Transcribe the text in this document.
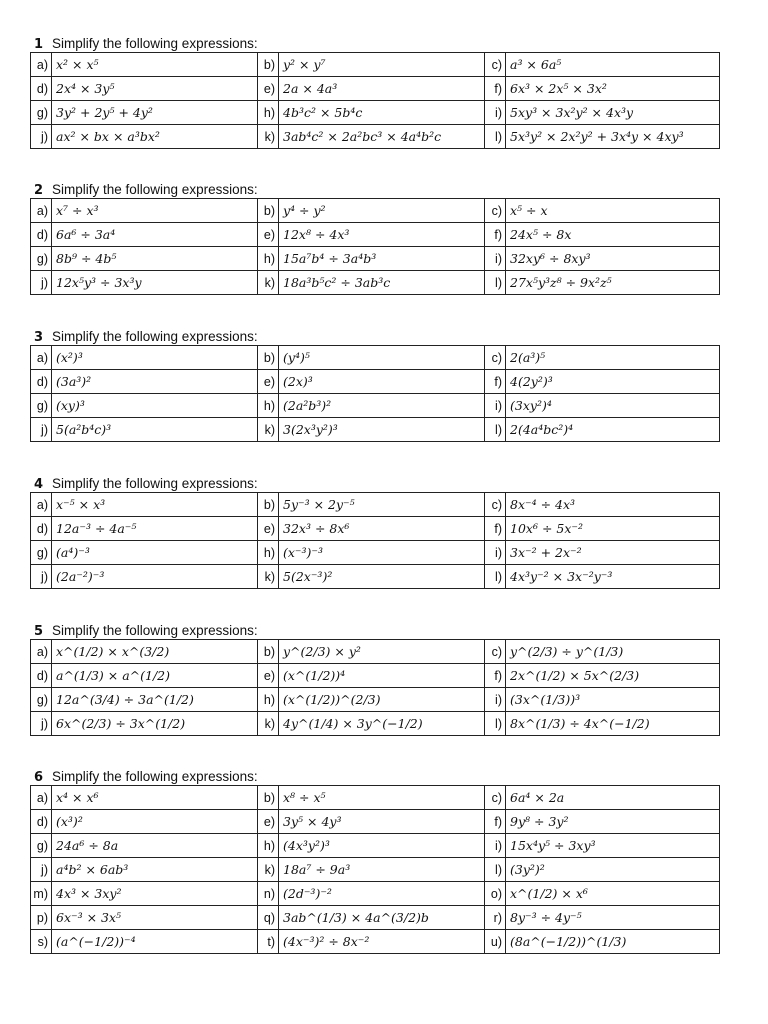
1 Simplify the following expressions:
a)	x² × x⁵	b)	y² × y⁷	c)	a³ × 6a⁵
d)	2x⁴ × 3y⁵	e)	2a × 4a³	f)	6x³ × 2x⁵ × 3x²
g)	3y² + 2y⁵ + 4y²	h)	4b³c² × 5b⁴c	i)	5xy³ × 3x²y² × 4x³y
j)	ax² × bx × a³bx²	k)	3ab⁴c² × 2a²bc³ × 4a⁴b²c	l)	5x³y² × 2x²y² + 3x⁴y × 4xy³
2 Simplify the following expressions:
a)	x⁷ ÷ x³	b)	y⁴ ÷ y²	c)	x⁵ ÷ x
d)	6a⁶ ÷ 3a⁴	e)	12x⁸ ÷ 4x³	f)	24x⁵ ÷ 8x
g)	8b⁹ ÷ 4b⁵	h)	15a⁷b⁴ ÷ 3a⁴b³	i)	32xy⁶ ÷ 8xy³
j)	12x⁵y³ ÷ 3x³y	k)	18a³b⁵c² ÷ 3ab³c	l)	27x⁵y³z⁸ ÷ 9x²z⁵
3 Simplify the following expressions:
a)	(x²)³	b)	(y⁴)⁵	c)	2(a³)⁵
d)	(3a³)²	e)	(2x)³	f)	4(2y²)³
g)	(xy)³	h)	(2a²b³)²	i)	(3xy²)⁴
j)	5(a²b⁴c)³	k)	3(2x³y²)³	l)	2(4a⁴bc²)⁴
4 Simplify the following expressions:
a)	x⁻⁵ × x³	b)	5y⁻³ × 2y⁻⁵	c)	8x⁻⁴ ÷ 4x³
d)	12a⁻³ ÷ 4a⁻⁵	e)	32x³ ÷ 8x⁶	f)	10x⁶ ÷ 5x⁻²
g)	(a⁴)⁻³	h)	(x⁻³)⁻³	i)	3x⁻² + 2x⁻²
j)	(2a⁻²)⁻³	k)	5(2x⁻³)²	l)	4x³y⁻² × 3x⁻²y⁻³
5 Simplify the following expressions:
a)	x^(1/2) × x^(3/2)	b)	y^(2/3) × y²	c)	y^(2/3) ÷ y^(1/3)
d)	a^(1/3) × a^(1/2)	e)	(x^(1/2))⁴	f)	2x^(1/2) × 5x^(2/3)
g)	12a^(3/4) ÷ 3a^(1/2)	h)	(x^(1/2))^(2/3)	i)	(3x^(1/3))³
j)	6x^(2/3) ÷ 3x^(1/2)	k)	4y^(1/4) × 3y^(−1/2)	l)	8x^(1/3) ÷ 4x^(−1/2)
6 Simplify the following expressions:
a)	x⁴ × x⁶	b)	x⁸ ÷ x⁵	c)	6a⁴ × 2a
d)	(x³)²	e)	3y⁵ × 4y³	f)	9y⁸ ÷ 3y²
g)	24a⁶ ÷ 8a	h)	(4x³y²)³	i)	15x⁴y⁵ ÷ 3xy³
j)	a⁴b² × 6ab³	k)	18a⁷ ÷ 9a³	l)	(3y²)²
m)	4x³ × 3xy²	n)	(2d⁻³)⁻²	o)	x^(1/2) × x⁶
p)	6x⁻³ × 3x⁵	q)	3ab^(1/3) × 4a^(3/2)b	r)	8y⁻³ ÷ 4y⁻⁵
s)	(a^(−1/2))⁻⁴	t)	(4x⁻³)² ÷ 8x⁻²	u)	(8a^(−1/2))^(1/3)
